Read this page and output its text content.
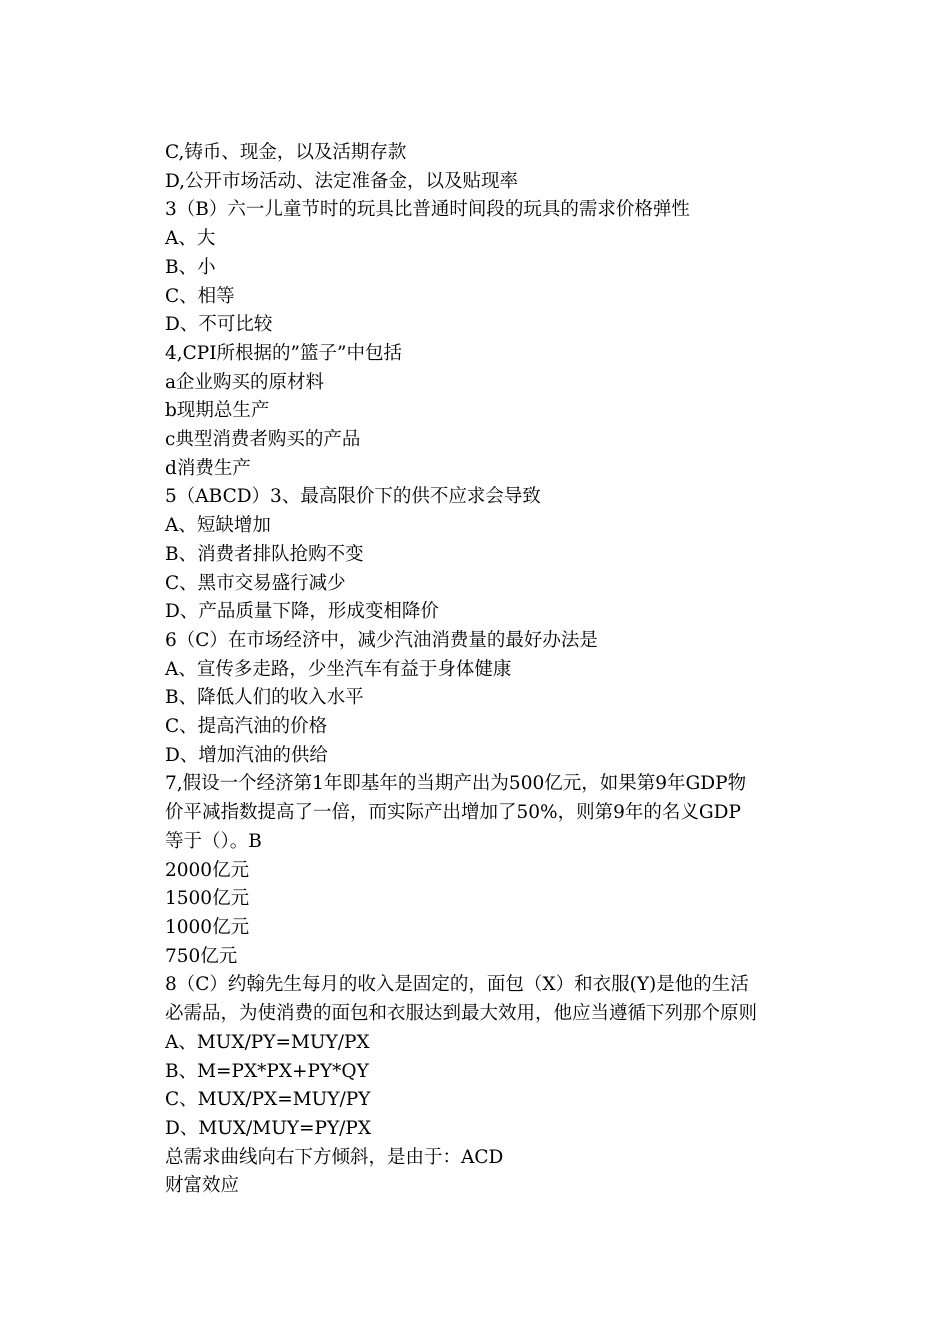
C,铸币、现金，以及活期存款

D,公开市场活动、法定准备金，以及贴现率

3（B）六一儿童节时的玩具比普通时间段的玩具的需求价格弹性

A、大

B、小

C、相等

D、不可比较

4,CPI所根据的”篮子”中包括

a企业购买的原材料

b现期总生产

c典型消费者购买的产品

d消费生产

5（ABCD）3、最高限价下的供不应求会导致

A、短缺增加

B、消费者排队抢购不变

C、黑市交易盛行减少

D、产品质量下降，形成变相降价

6（C）在市场经济中，减少汽油消费量的最好办法是

A、宣传多走路，少坐汽车有益于身体健康

B、降低人们的收入水平

C、提高汽油的价格

D、增加汽油的供给

7,假设一个经济第1年即基年的当期产出为500亿元，如果第9年GDP物

价平减指数提高了一倍，而实际产出增加了50%，则第9年的名义GDP

等于（）。B

2000亿元

1500亿元

1000亿元

750亿元

8（C）约翰先生每月的收入是固定的，面包（X）和衣服(Y)是他的生活

必需品，为使消费的面包和衣服达到最大效用，他应当遵循下列那个原则

A、MUX/PY=MUY/PX

B、M=PX*PX+PY*QY

C、MUX/PX=MUY/PY

D、MUX/MUY=PY/PX

总需求曲线向右下方倾斜，是由于：ACD

财富效应
